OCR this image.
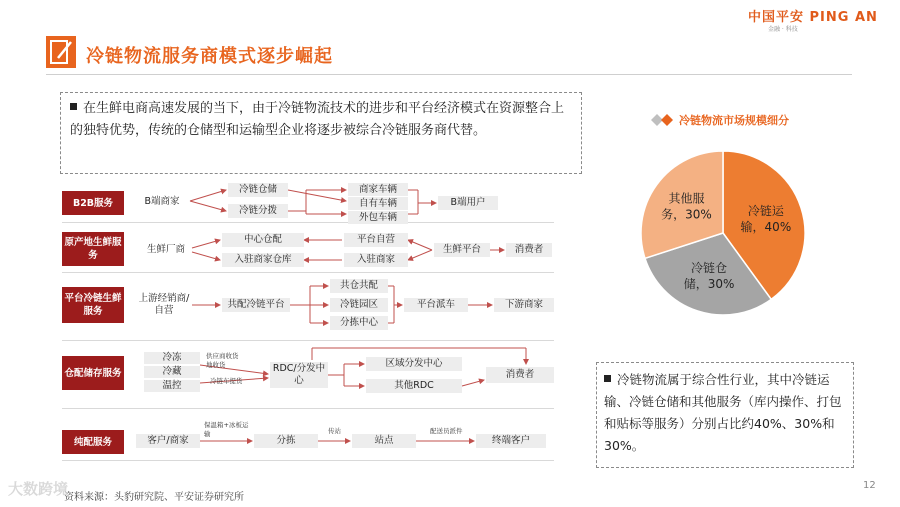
中国平安 PING AN
金融 · 科技
冷链物流服务商模式逐步崛起
在生鲜电商高速发展的当下，由于冷链物流技术的进步和平台经济模式在资源整合上的独特优势，传统的仓储型和运输型企业将逐步被综合冷链服务商代替。
B2B服务	B端商家
冷链仓储
冷链分拨
商家车辆
自有车辆
外包车辆
B端用户
原产地生鲜服务
生鲜厂商
中心仓配
入驻商家仓库
平台自营
入驻商家
生鲜平台	消费者
平台冷链生鲜服务
上游经销商/自营
共配冷链平台
共仓共配
冷链园区
分拣中心
平台派车	下游商家
仓配储存服务
冷冻
冷藏
温控
供应商收货
地收货
冷链车提货
RDC/分发中心
区域分发中心
其他RDC
消费者
纯配服务	客户/商家
保温箱+冰板运输
分拣
传站
站点
配送员派件
终端客户
冷链物流市场规模细分
冷链运输，40%
冷链仓储，30%
其他服务，30%
冷链物流属于综合性行业，其中冷链运输、冷链仓储和其他服务（库内操作、打包和贴标等服务）分别占比约40%、30%和30%。
资料来源：头豹研究院、平安证券研究所
12
大数跨境
